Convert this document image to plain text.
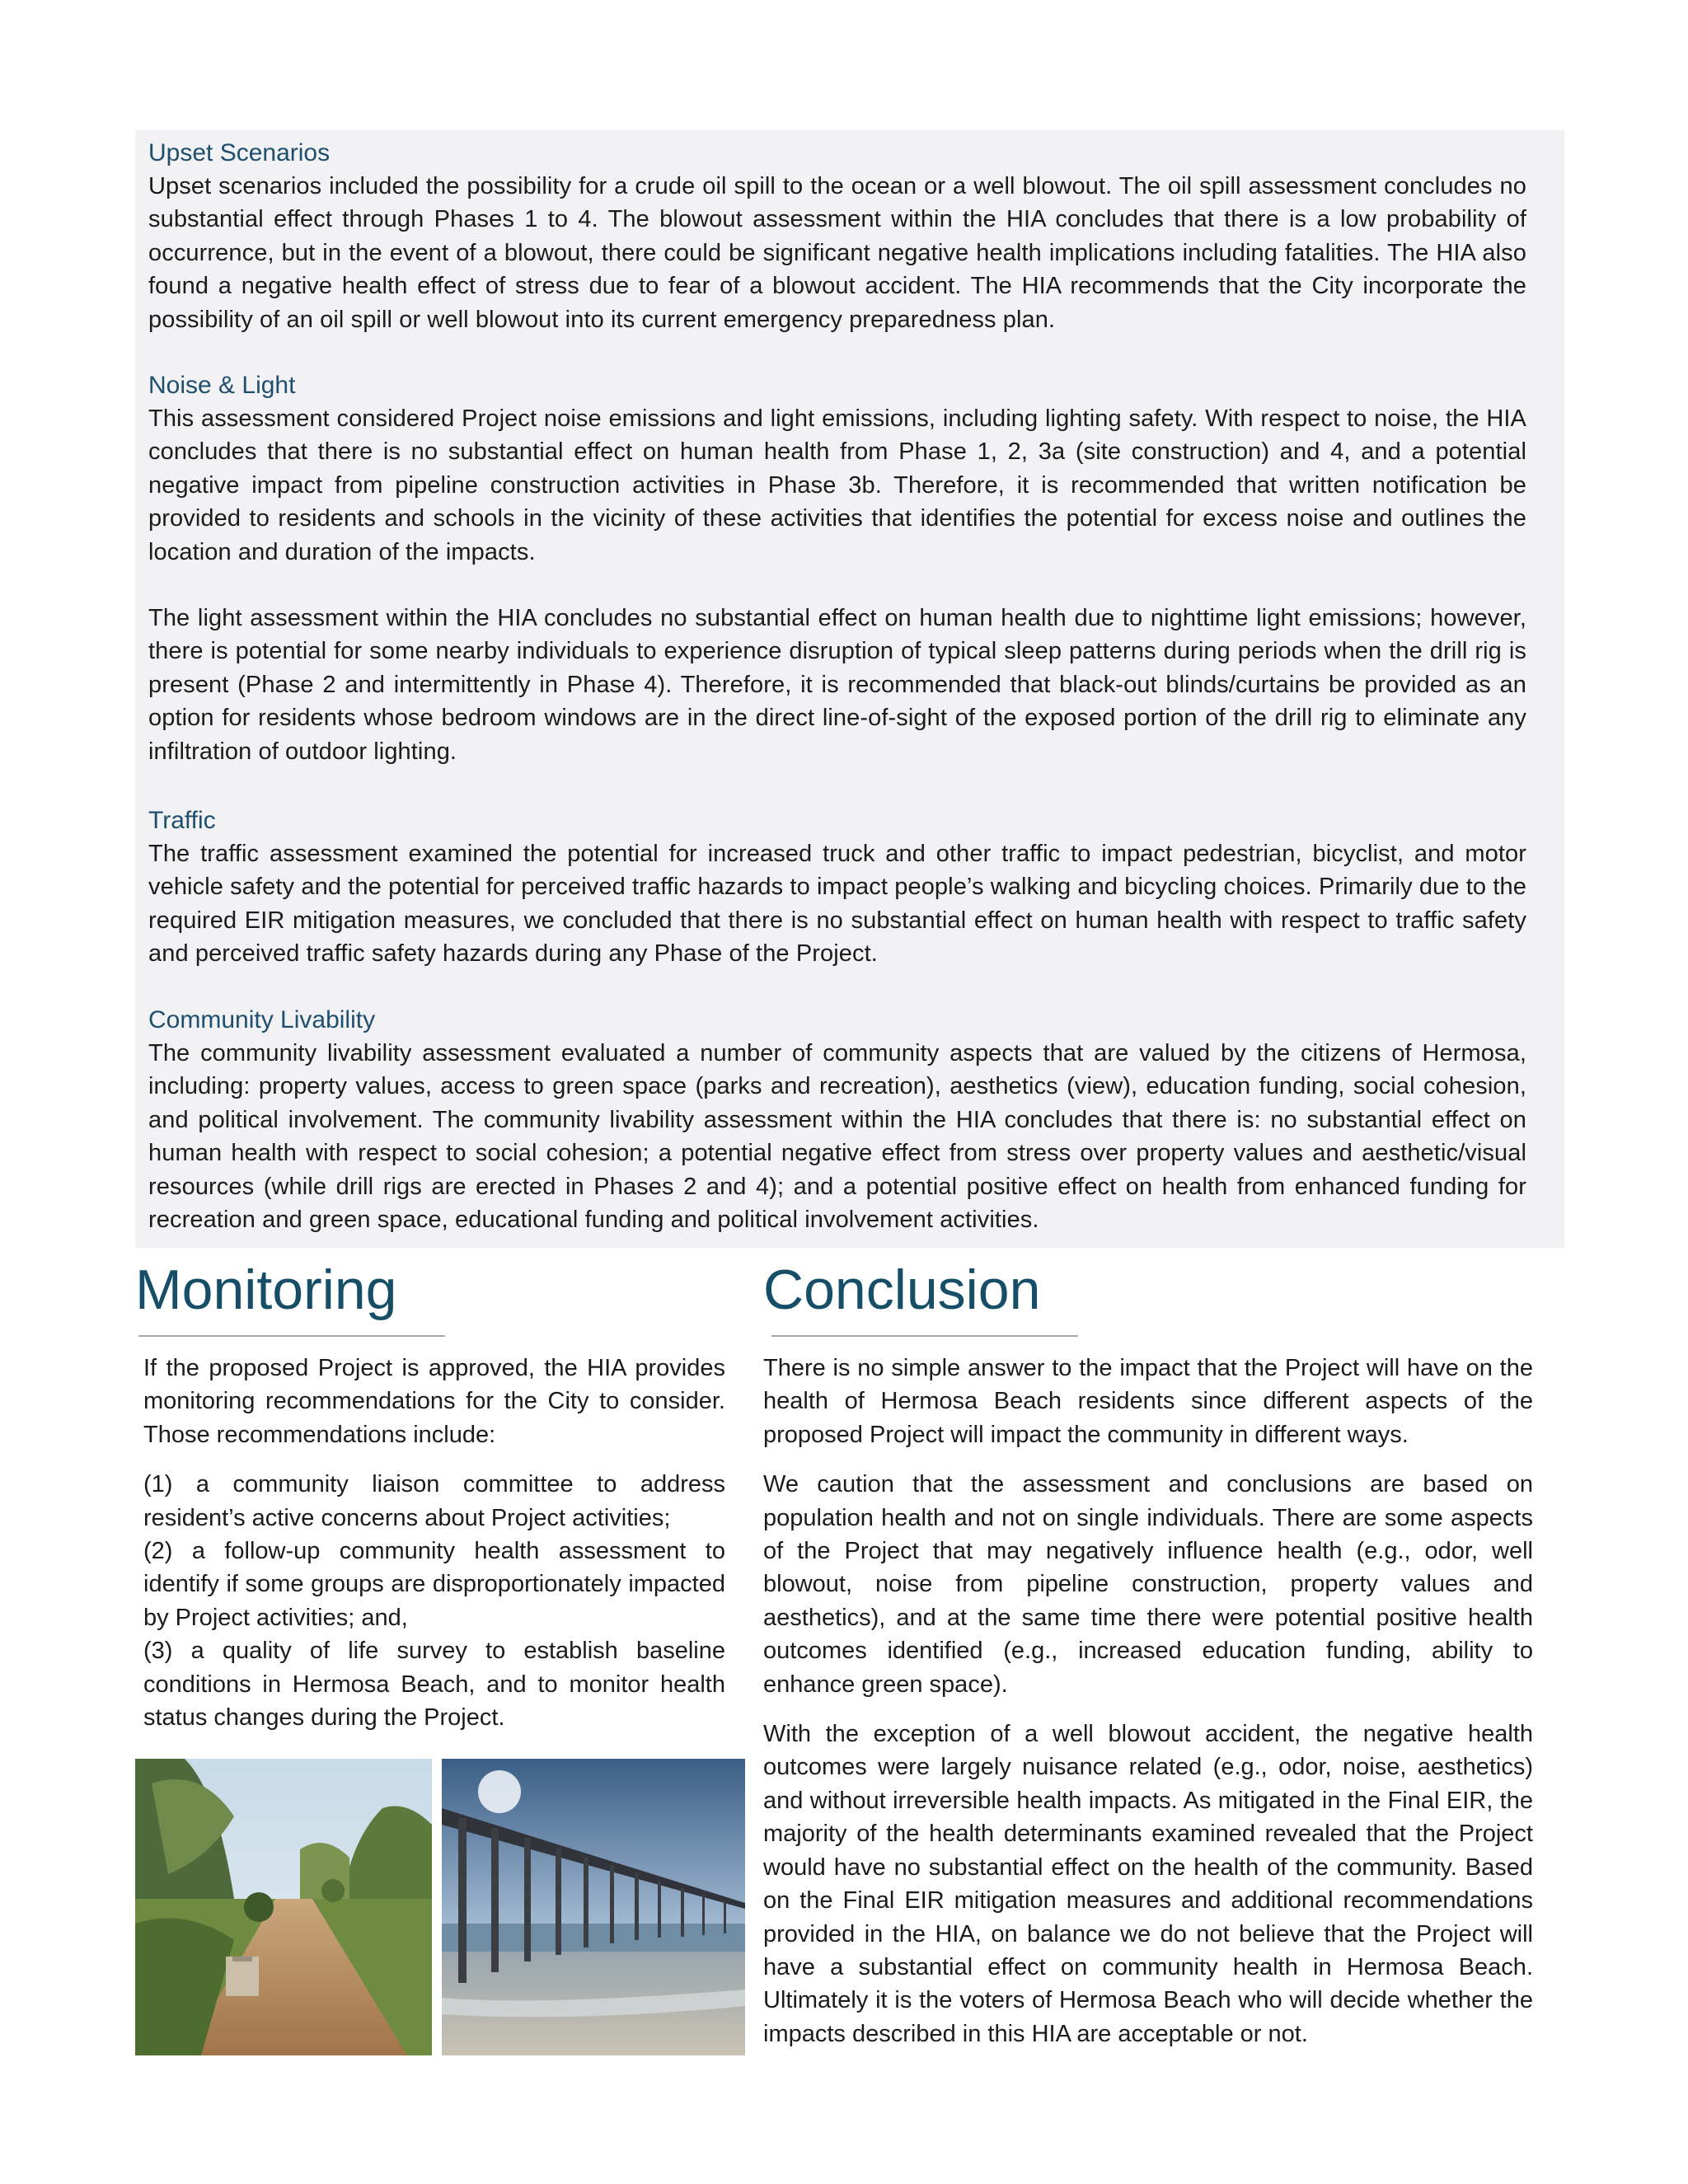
Upset Scenarios
Upset scenarios included the possibility for a crude oil spill to the ocean or a well blowout. The oil spill assessment concludes no substantial effect through Phases 1 to 4. The blowout assessment within the HIA concludes that there is a low probability of occurrence, but in the event of a blowout, there could be significant negative health implications including fatalities. The HIA also found a negative health effect of stress due to fear of a blowout accident. The HIA recommends that the City incorporate the possibility of an oil spill or well blowout into its current emergency preparedness plan.
Noise & Light
This assessment considered Project noise emissions and light emissions, including lighting safety. With respect to noise, the HIA concludes that there is no substantial effect on human health from Phase 1, 2, 3a (site construction) and 4, and a potential negative impact from pipeline construction activities in Phase 3b. Therefore, it is recommended that written notification be provided to residents and schools in the vicinity of these activities that identifies the potential for excess noise and outlines the location and duration of the impacts.
The light assessment within the HIA concludes no substantial effect on human health due to nighttime light emissions; however, there is potential for some nearby individuals to experience disruption of typical sleep patterns during periods when the drill rig is present (Phase 2 and intermittently in Phase 4). Therefore, it is recommended that black-out blinds/curtains be provided as an option for residents whose bedroom windows are in the direct line-of-sight of the exposed portion of the drill rig to eliminate any infiltration of outdoor lighting.
Traffic
The traffic assessment examined the potential for increased truck and other traffic to impact pedestrian, bicyclist, and motor vehicle safety and the potential for perceived traffic hazards to impact people’s walking and bicycling choices. Primarily due to the required EIR mitigation measures, we concluded that there is no substantial effect on human health with respect to traffic safety and perceived traffic safety hazards during any Phase of the Project.
Community Livability
The community livability assessment evaluated a number of community aspects that are valued by the citizens of Hermosa, including: property values, access to green space (parks and recreation), aesthetics (view), education funding, social cohesion, and political involvement. The community livability assessment within the HIA concludes that there is: no substantial effect on human health with respect to social cohesion; a potential negative effect from stress over property values and aesthetic/visual resources (while drill rigs are erected in Phases 2 and 4); and a potential positive effect on health from enhanced funding for recreation and green space, educational funding and political involvement activities.
Monitoring	Conclusion

If the proposed Project is approved, the HIA provides monitoring recommendations for the City to consider. Those recommendations include:

(1) a community liaison committee to address resident’s active concerns about Project activities;

(2) a follow-up community health assessment to identify if some groups are disproportionately impacted by Project activities; and,

(3) a quality of life survey to establish baseline conditions in Hermosa Beach, and to monitor health status changes during the Project.

There is no simple answer to the impact that the Project will have on the health of Hermosa Beach residents since different aspects of the proposed Project will impact the community in different ways.

We caution that the assessment and conclusions are based on population health and not on single individuals. There are some aspects of the Project that may negatively influence health (e.g., odor, well blowout, noise from pipeline construction, property values and aesthetics), and at the same time there were potential positive health outcomes identified (e.g., increased education funding, ability to enhance green space).

With the exception of a well blowout accident, the negative health outcomes were largely nuisance related (e.g., odor, noise, aesthetics) and without irreversible health impacts. As mitigated in the Final EIR, the majority of the health determinants examined revealed that the Project would have no substantial effect on the health of the community. Based on the Final EIR mitigation measures and additional recommendations provided in the HIA, on balance we do not believe that the Project will have a substantial effect on community health in Hermosa Beach. Ultimately it is the voters of Hermosa Beach who will decide whether the impacts described in this HIA are acceptable or not.
